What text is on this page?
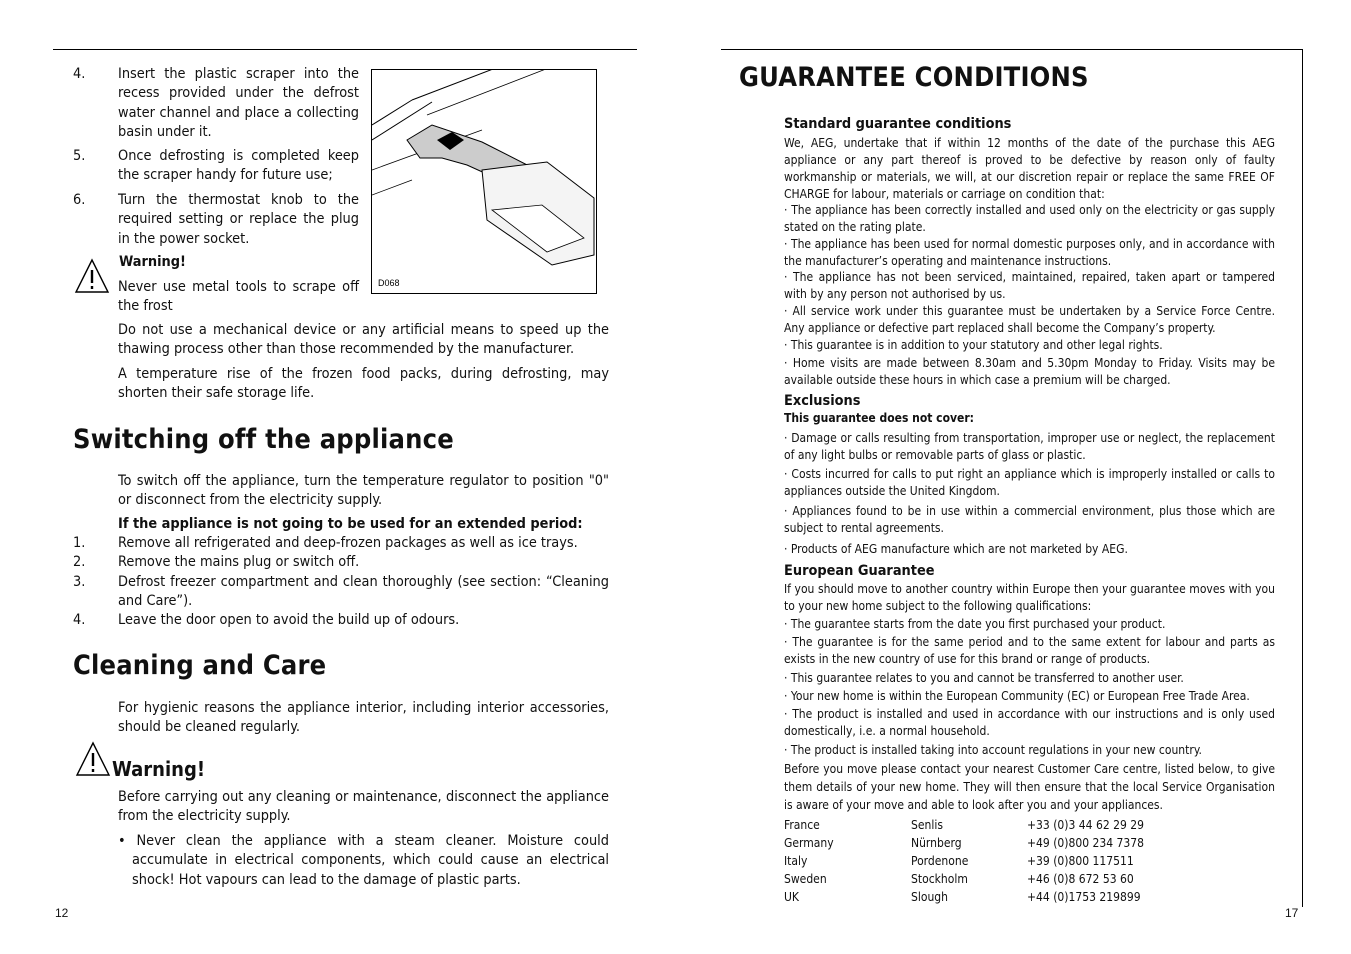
4. Insert the plastic scraper into the recess provided under the defrost water channel and place a collecting basin under it.
5. Once defrosting is completed keep the scraper handy for future use;
6. Turn the thermostat knob to the required setting or replace the plug in the power socket.
Warning!
Never use metal tools to scrape off the frost
D068
Do not use a mechanical device or any artificial means to speed up the thawing process other than those recommended by the manufacturer.
A temperature rise of the frozen food packs, during defrosting, may shorten their safe storage life.
Switching off the appliance
To switch off the appliance, turn the temperature regulator to position "0" or disconnect from the electricity supply.
If the appliance is not going to be used for an extended period:
1. Remove all refrigerated and deep-frozen packages as well as ice trays.
2. Remove the mains plug or switch off.
3. Defrost freezer compartment and clean thoroughly (see section: “Cleaning and Care”).
4. Leave the door open to avoid the build up of odours.
Cleaning and Care
For hygienic reasons the appliance interior, including interior accessories, should be cleaned regularly.
Warning!
Before carrying out any cleaning or maintenance, disconnect the appliance from the electricity supply.
• Never clean the appliance with a steam cleaner. Moisture could accumulate in electrical components, which could cause an electrical shock! Hot vapours can lead to the damage of plastic parts.
12
GUARANTEE CONDITIONS
Standard guarantee conditions
We, AEG, undertake that if within 12 months of the date of the purchase this AEG appliance or any part thereof is proved to be defective by reason only of faulty workmanship or materials, we will, at our discretion repair or replace the same FREE OF CHARGE for labour, materials or carriage on condition that:
· The appliance has been correctly installed and used only on the electricity or gas supply stated on the rating plate.
· The appliance has been used for normal domestic purposes only, and in accordance with the manufacturer’s operating and maintenance instructions.
· The appliance has not been serviced, maintained, repaired, taken apart or tampered with by any person not authorised by us.
· All service work under this guarantee must be undertaken by a Service Force Centre. Any appliance or defective part replaced shall become the Company’s property.
· This guarantee is in addition to your statutory and other legal rights.
· Home visits are made between 8.30am and 5.30pm Monday to Friday. Visits may be available outside these hours in which case a premium will be charged.
Exclusions
This guarantee does not cover:
· Damage or calls resulting from transportation, improper use or neglect, the replacement of any light bulbs or removable parts of glass or plastic.
· Costs incurred for calls to put right an appliance which is improperly installed or calls to appliances outside the United Kingdom.
· Appliances found to be in use within a commercial environment, plus those which are subject to rental agreements.
· Products of AEG manufacture which are not marketed by AEG.
European Guarantee
If you should move to another country within Europe then your guarantee moves with you to your new home subject to the following qualifications:
· The guarantee starts from the date you first purchased your product.
· The guarantee is for the same period and to the same extent for labour and parts as exists in the new country of use for this brand or range of products.
· This guarantee relates to you and cannot be transferred to another user.
· Your new home is within the European Community (EC) or European Free Trade Area.
· The product is installed and used in accordance with our instructions and is only used domestically, i.e. a normal household.
· The product is installed taking into account regulations in your new country.
Before you move please contact your nearest Customer Care centre, listed below, to give them details of your new home. They will then ensure that the local Service Organisation is aware of your move and able to look after you and your appliances.
France	Senlis	+33 (0)3 44 62 29 29
Germany	Nürnberg	+49 (0)800 234 7378
Italy	Pordenone	+39 (0)800 117511
Sweden	Stockholm	+46 (0)8 672 53 60
UK	Slough	+44 (0)1753 219899
17
